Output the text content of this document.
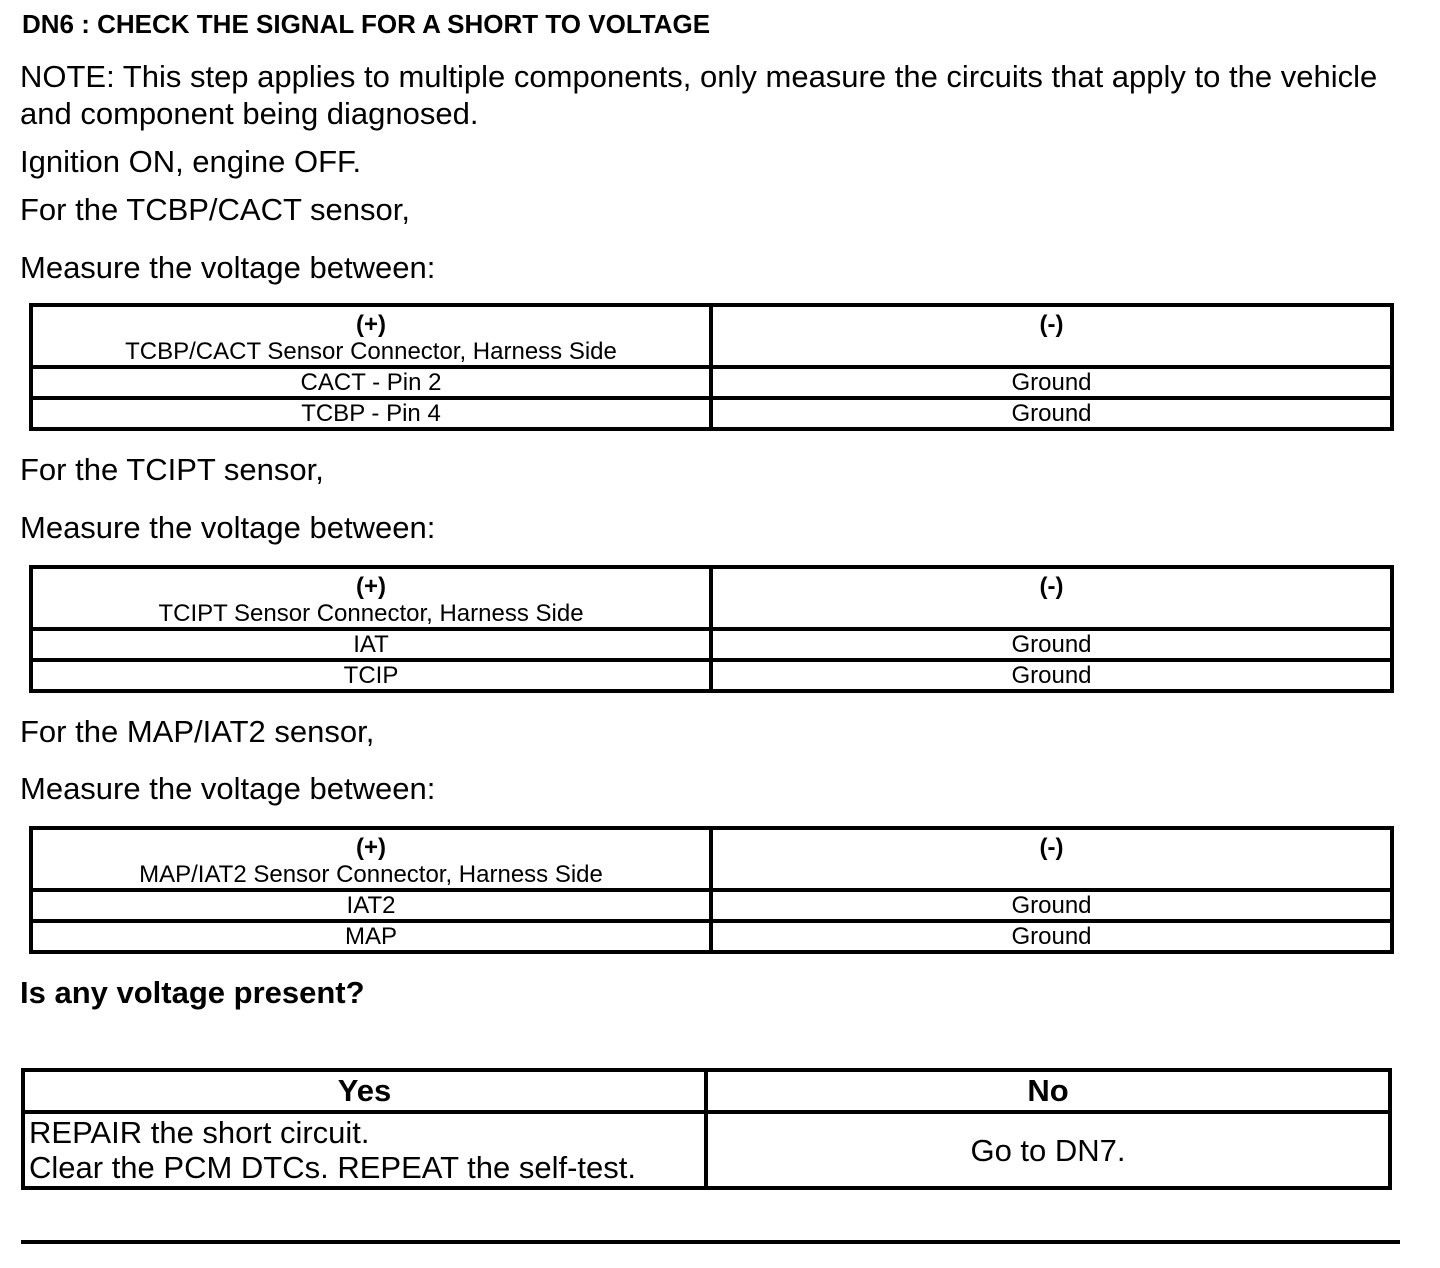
DN6 : CHECK THE SIGNAL FOR A SHORT TO VOLTAGE

NOTE: This step applies to multiple components, only measure the circuits that apply to the vehicle and component being diagnosed.

Ignition ON, engine OFF.

For the TCBP/CACT sensor,

Measure the voltage between:

(+)
TCBP/CACT Sensor Connector, Harness Side	(-)

CACT - Pin 2	Ground
TCBP - Pin 4	Ground

For the TCIPT sensor,

Measure the voltage between:

(+)
TCIPT Sensor Connector, Harness Side	(-)

IAT	Ground
TCIP	Ground

For the MAP/IAT2 sensor,

Measure the voltage between:

(+)
MAP/IAT2 Sensor Connector, Harness Side	(-)

IAT2	Ground
MAP	Ground

Is any voltage present?

Yes	No

REPAIR the short circuit.
Clear the PCM DTCs. REPEAT the self-test.	Go to DN7.
